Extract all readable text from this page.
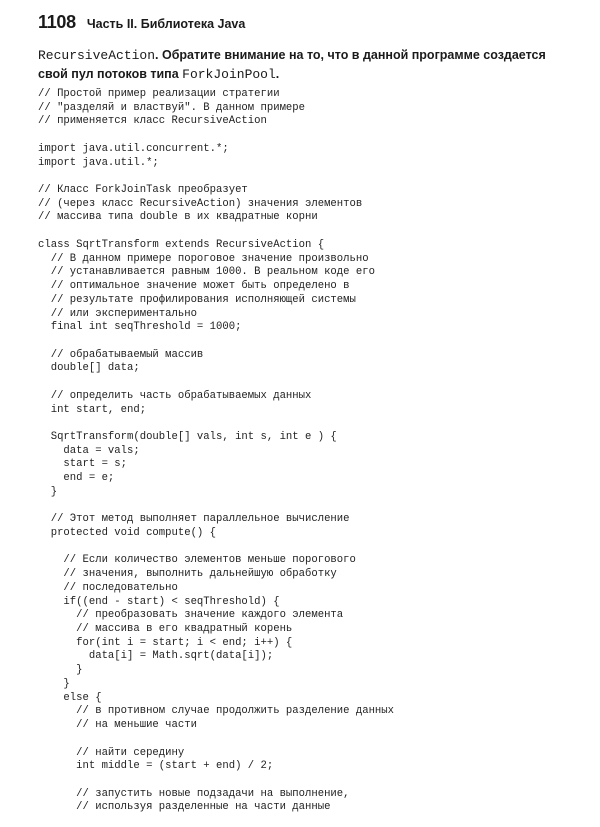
1108 Часть II. Библиотека Java
RecursiveAction. Обратите внимание на то, что в данной программе создается свой пул потоков типа ForkJoinPool.
// Простой пример реализации стратегии
// "разделяй и властвуй". В данном примере
// применяется класс RecursiveAction
import java.util.concurrent.*;
import java.util.*;
// Класс ForkJoinTask преобразует
// (через класс RecursiveAction) значения элементов
// массива типа double в их квадратные корни
class SqrtTransform extends RecursiveAction {
// В данном примере пороговое значение произвольно
// устанавливается равным 1000. В реальном коде его
// оптимальное значение может быть определено в
// результате профилирования исполняющей системы
// или экспериментально
final int seqThreshold = 1000;
// обрабатываемый массив
double[] data;
// определить часть обрабатываемых данных
int start, end;
SqrtTransform(double[] vals, int s, int e ) {
data = vals;
start = s;
end = e;
}
// Этот метод выполняет параллельное вычисление
protected void compute() {
// Если количество элементов меньше порогового
// значения, выполнить дальнейшую обработку
// последовательно
if((end - start) < seqThreshold) {
// преобразовать значение каждого элемента
// массива в его квадратный корень
for(int i = start; i < end; i++) {
data[i] = Math.sqrt(data[i]);
}
}
else {
// в противном случае продолжить разделение данных
// на меньшие части
// найти середину
int middle = (start + end) / 2;
// запустить новые подзадачи на выполнение,
// используя разделенные на части данные
